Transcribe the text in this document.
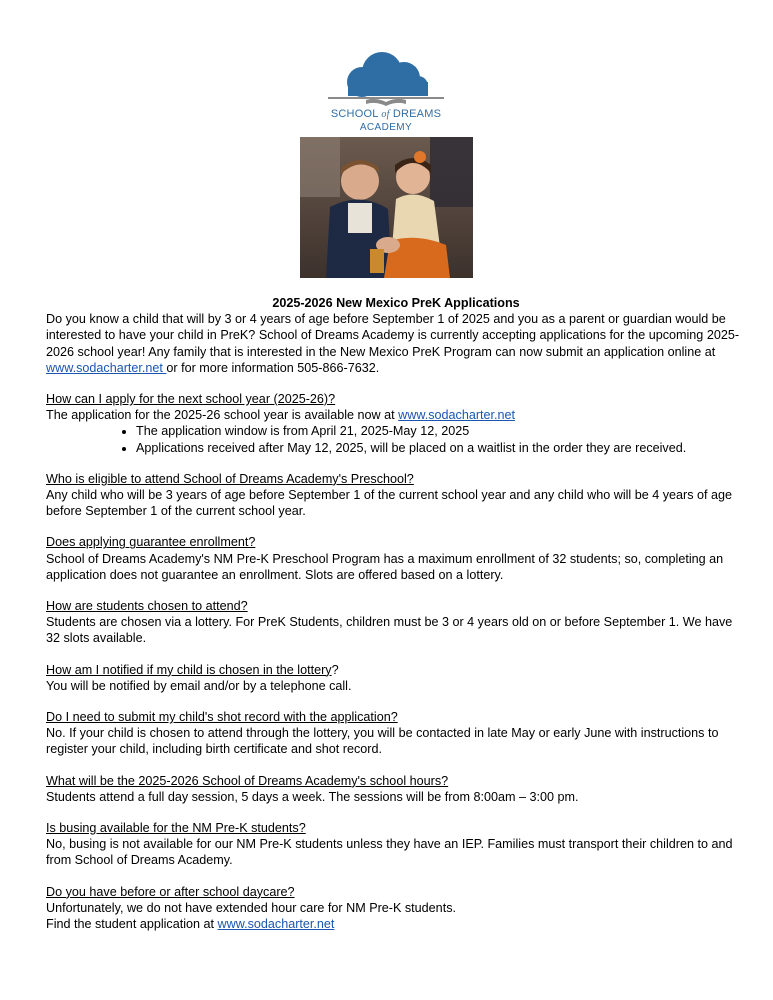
SCHOOL of DREAMS
ACADEMY

2025-2026 New Mexico PreK Applications

Do you know a child that will by 3 or 4 years of age before September 1 of 2025 and you as a parent or guardian would be interested to have your child in PreK? School of Dreams Academy is currently accepting applications for the upcoming 2025-2026 school year! Any family that is interested in the New Mexico PreK Program can now submit an application online at www.sodacharter.net or for more information 505-866-7632.

How can I apply for the next school year (2025-26)?

The application for the 2025-26 school year is available now at www.sodacharter.net

• The application window is from April 21, 2025-May 12, 2025
• Applications received after May 12, 2025, will be placed on a waitlist in the order they are received.

Who is eligible to attend School of Dreams Academy's Preschool?

Any child who will be 3 years of age before September 1 of the current school year and any child who will be 4 years of age before September 1 of the current school year.

Does applying guarantee enrollment?

School of Dreams Academy's NM Pre-K Preschool Program has a maximum enrollment of 32 students; so, completing an application does not guarantee an enrollment. Slots are offered based on a lottery.

How are students chosen to attend?

Students are chosen via a lottery. For PreK Students, children must be 3 or 4 years old on or before September 1. We have 32 slots available.

How am I notified if my child is chosen in the lottery?

You will be notified by email and/or by a telephone call.

Do I need to submit my child's shot record with the application?

No. If your child is chosen to attend through the lottery, you will be contacted in late May or early June with instructions to register your child, including birth certificate and shot record.

What will be the 2025-2026 School of Dreams Academy's school hours?

Students attend a full day session, 5 days a week. The sessions will be from 8:00am – 3:00 pm.

Is busing available for the NM Pre-K students?

No, busing is not available for our NM Pre-K students unless they have an IEP. Families must transport their children to and from School of Dreams Academy.

Do you have before or after school daycare?

Unfortunately, we do not have extended hour care for NM Pre-K students.

Find the student application at www.sodacharter.net
